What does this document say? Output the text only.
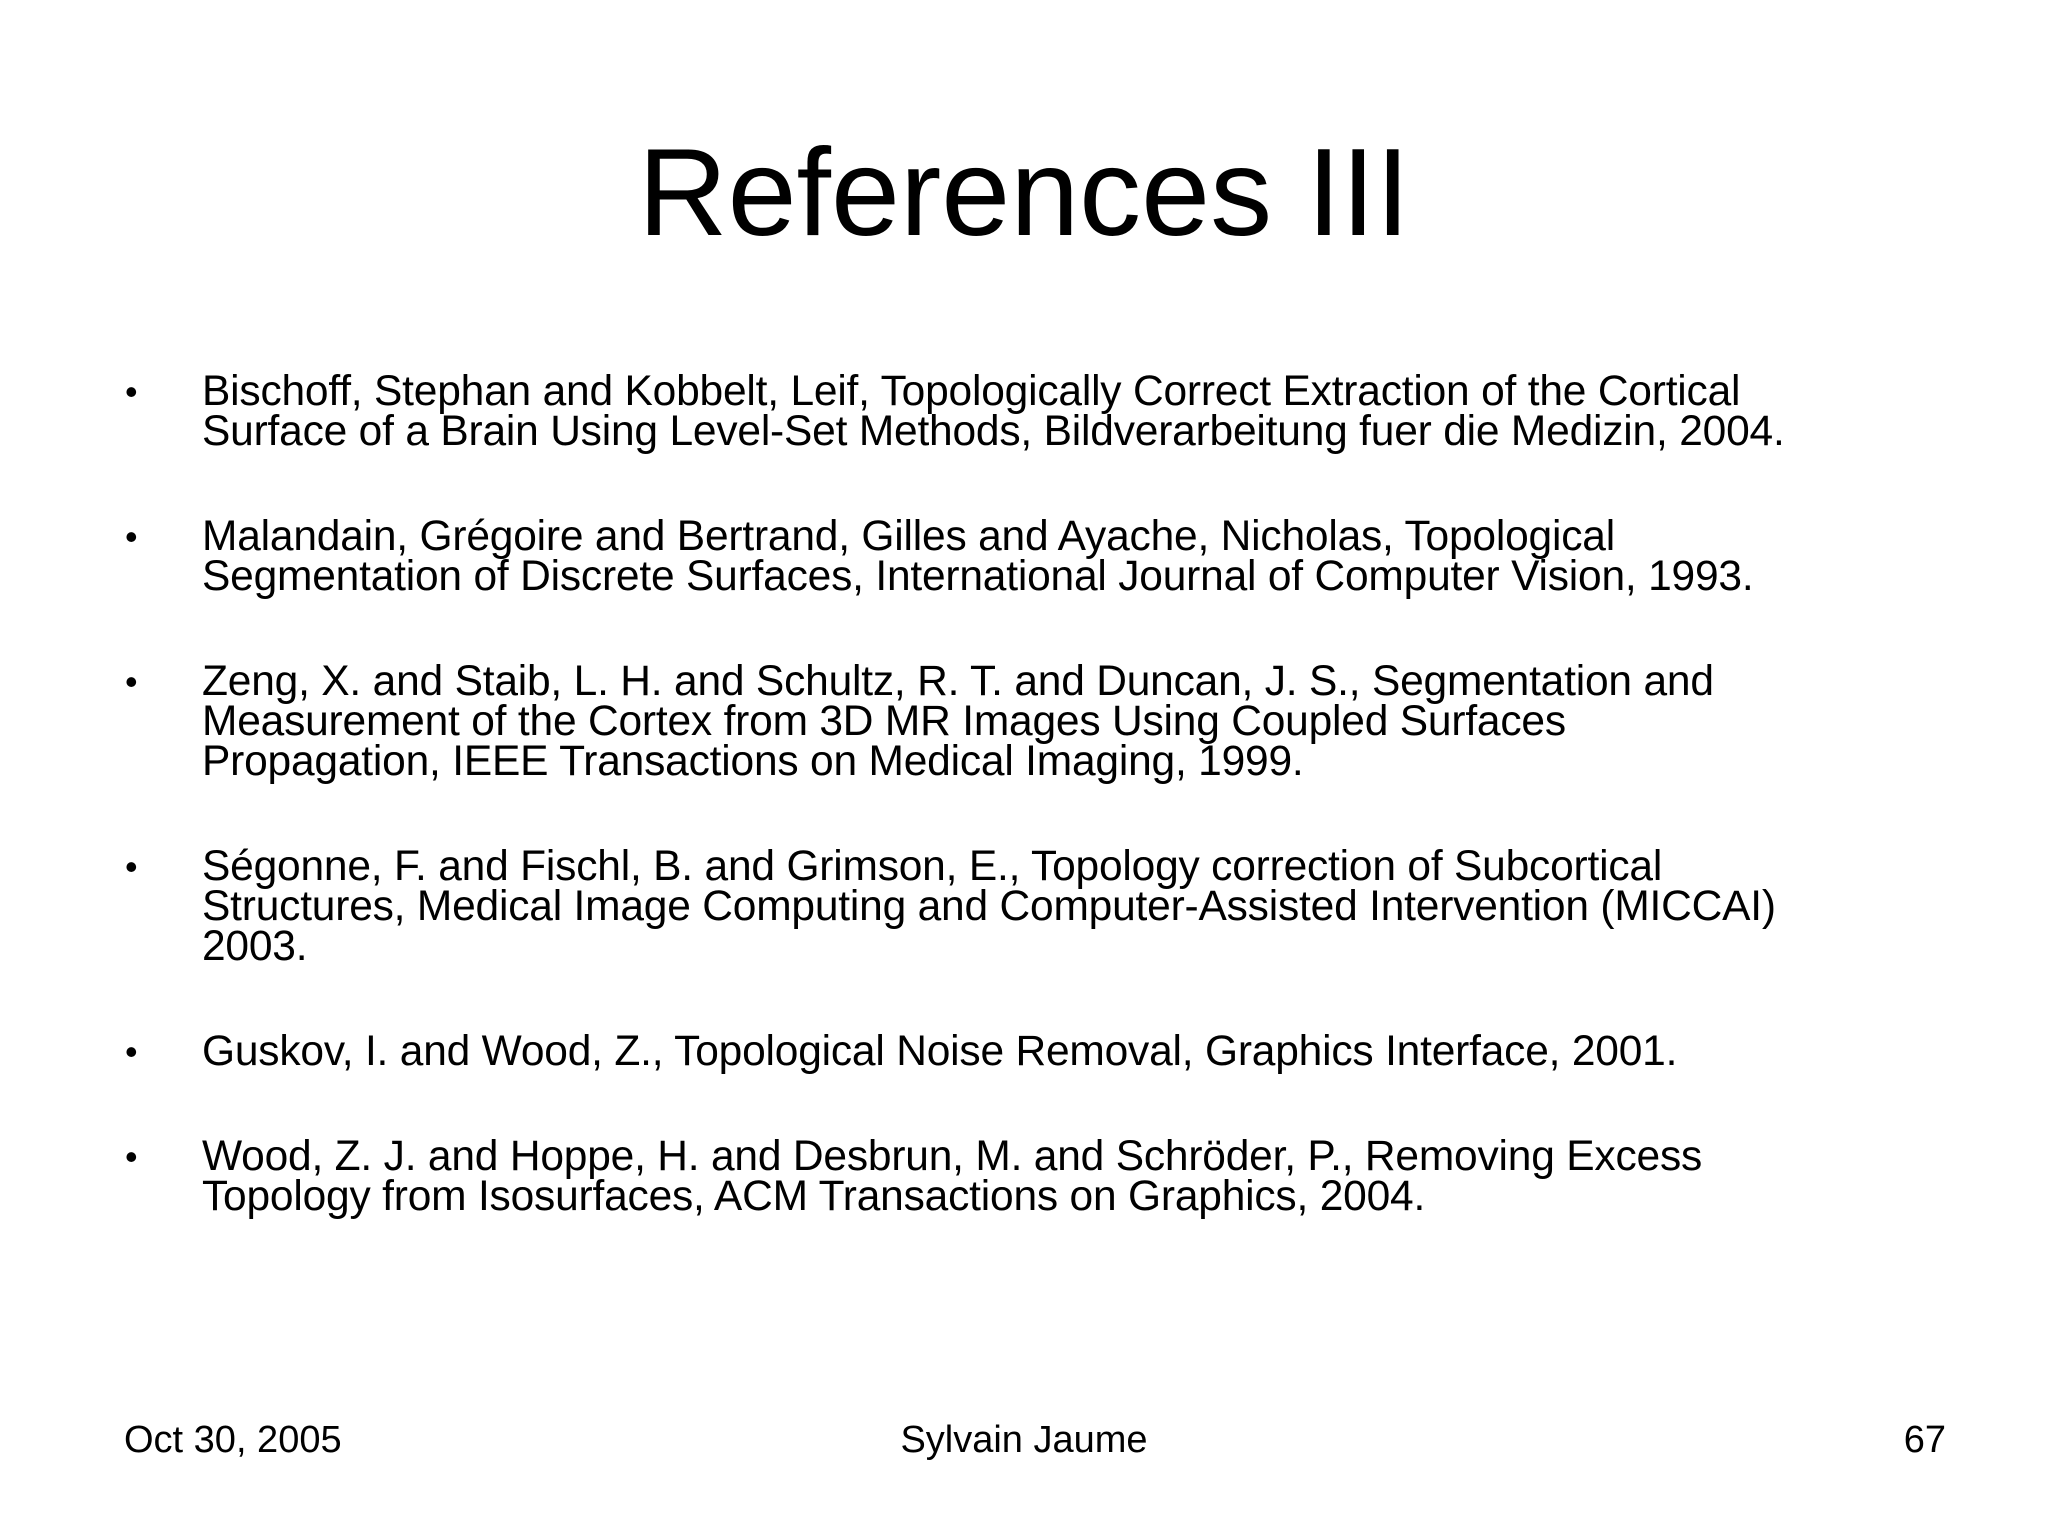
References III
•	Bischoff, Stephan and Kobbelt, Leif, Topologically Correct Extraction of the Cortical
Surface of a Brain Using Level-Set Methods, Bildverarbeitung fuer die Medizin, 2004.
•	Malandain, Grégoire and Bertrand, Gilles and Ayache, Nicholas, Topological
Segmentation of Discrete Surfaces, International Journal of Computer Vision, 1993.
•	Zeng, X. and Staib, L. H. and Schultz, R. T. and Duncan, J. S., Segmentation and
Measurement of the Cortex from 3D MR Images Using Coupled Surfaces
Propagation, IEEE Transactions on Medical Imaging, 1999.
•	Ségonne, F. and Fischl, B. and Grimson, E., Topology correction of Subcortical
Structures, Medical Image Computing and Computer-Assisted Intervention (MICCAI)
2003.
•	Guskov, I. and Wood, Z., Topological Noise Removal, Graphics Interface, 2001.
•	Wood, Z. J. and Hoppe, H. and Desbrun, M. and Schröder, P., Removing Excess
Topology from Isosurfaces, ACM Transactions on Graphics, 2004.
Oct 30, 2005	Sylvain Jaume	67
